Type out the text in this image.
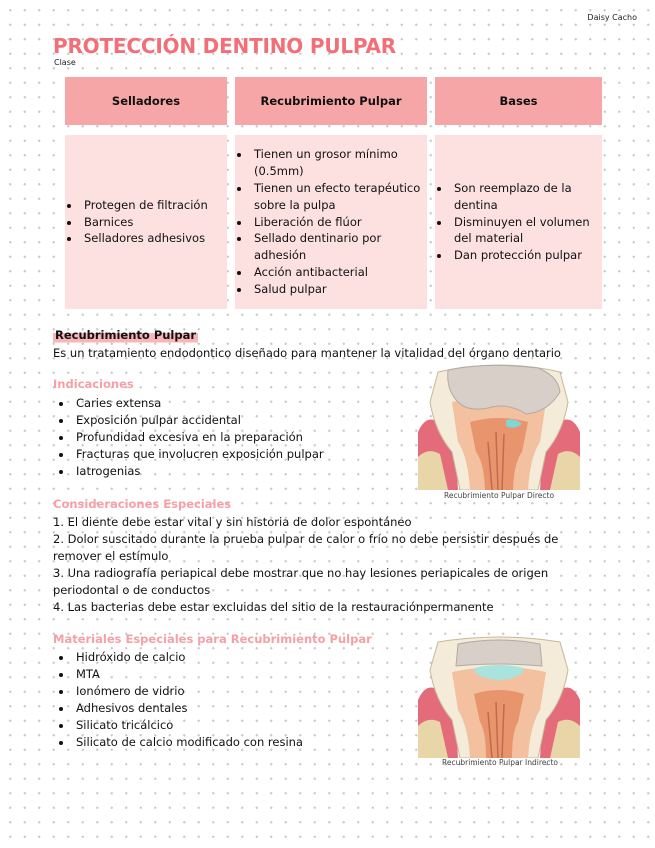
Daisy Cacho
PROTECCIÓN DENTINO PULPAR
Clase
Selladores
• Protegen de filtración
• Barnices
• Selladores adhesivos
Recubrimiento Pulpar
• Tienen un grosor mínimo (0.5mm)
• Tienen un efecto terapéutico sobre la pulpa
• Liberación de flúor
• Sellado dentinario por adhesión
• Acción antibacterial
• Salud pulpar
Bases
• Son reemplazo de la dentina
• Disminuyen el volumen del material
• Dan protección pulpar
Recubrimiento Pulpar
Es un tratamiento endodontico diseñado para mantener la vitalidad del órgano dentario
Indicaciones
• Caries extensa
• Exposición pulpar accidental
• Profundidad excesiva en la preparación
• Fracturas que involucren exposición pulpar
• Iatrogenias
Recubrimiento Pulpar Directo
Consideraciones Especiales
1. El diente debe estar vital y sin historia de dolor espontáneo
2. Dolor suscitado durante la prueba pulpar de calor o frío no debe persistir después de remover el estímulo
3. Una radiografía periapical debe mostrar que no hay lesiones periapicales de origen periodontal o de conductos
4. Las bacterias debe estar excluidas del sitio de la restauraciónpermanente
Materiales Especiales para Recubrimiento Pulpar
• Hidróxido de calcio
• MTA
• Ionómero de vidrio
• Adhesivos dentales
• Silicato tricálcico
• Silicato de calcio modificado con resina
Recubrimiento Pulpar Indirecto
